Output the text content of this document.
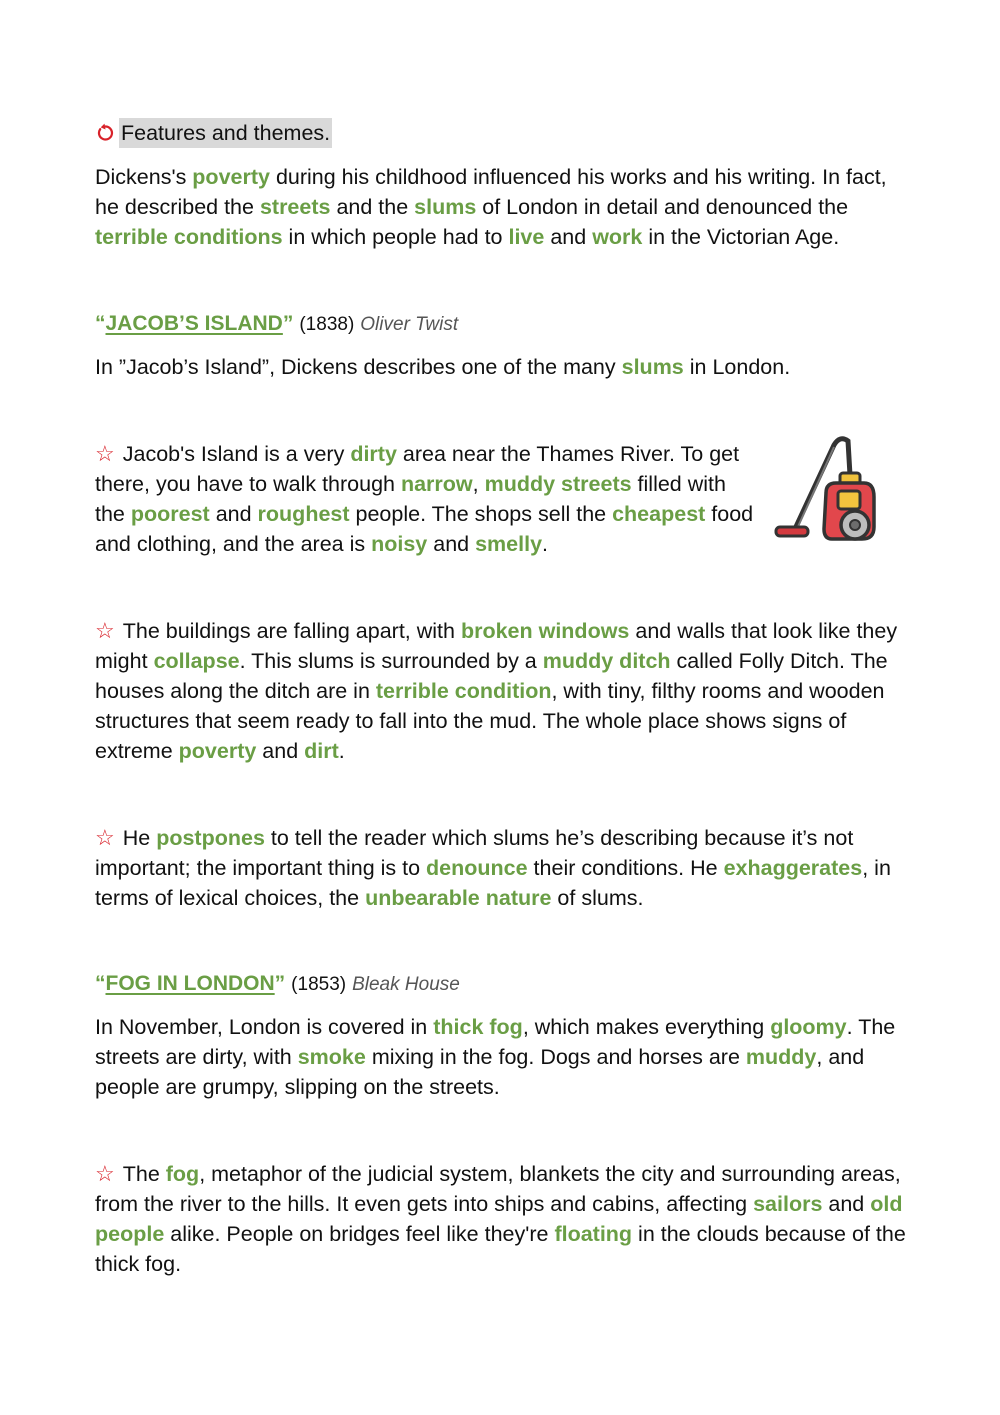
Features and themes.

Dickens's poverty during his childhood influenced his works and his writing. In fact, he described the streets and the slums of London in detail and denounced the terrible conditions in which people had to live and work in the Victorian Age.

“ JACOB’S ISLAND ” (1838) Oliver Twist

In ”Jacob’s Island”, Dickens describes one of the many slums in London.

☆ Jacob's Island is a very dirty area near the Thames River. To get there, you have to walk through narrow, muddy streets filled with the poorest and roughest people. The shops sell the cheapest food and clothing, and the area is noisy and smelly.

☆ The buildings are falling apart, with broken windows and walls that look like they might collapse. This slums is surrounded by a muddy ditch called Folly Ditch. The houses along the ditch are in terrible condition, with tiny, filthy rooms and wooden structures that seem ready to fall into the mud. The whole place shows signs of extreme poverty and dirt.

☆ He postpones to tell the reader which slums he’s describing because it’s not important; the important thing is to denounce their conditions. He exhaggerates, in terms of lexical choices, the unbearable nature of slums.

“ FOG IN LONDON ” (1853) Bleak House

In November, London is covered in thick fog, which makes everything gloomy. The streets are dirty, with smoke mixing in the fog. Dogs and horses are muddy, and people are grumpy, slipping on the streets.

☆ The fog, metaphor of the judicial system, blankets the city and surrounding areas, from the river to the hills. It even gets into ships and cabins, affecting sailors and old people alike. People on bridges feel like they're floating in the clouds because of the thick fog.
